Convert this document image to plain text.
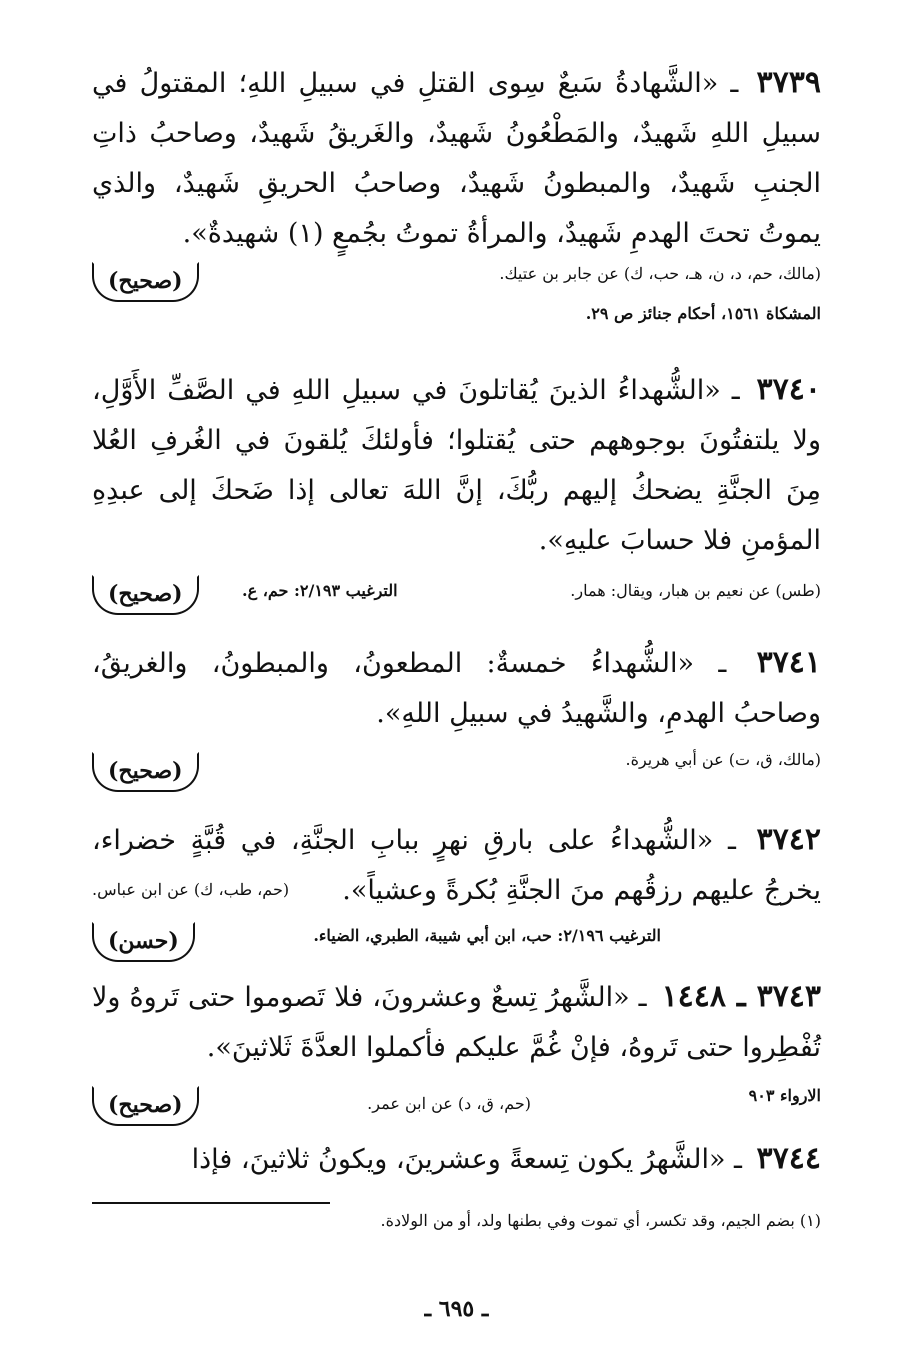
٣٧٣٩ ـ «الشَّهادةُ سَبعٌ سِوى القتلِ في سبيلِ اللهِ؛ المقتولُ في سبيلِ اللهِ شَهيدٌ، والمَطْعُونُ شَهيدٌ، والغَريقُ شَهيدٌ، وصاحبُ ذاتِ الجنبِ شَهيدٌ، والمبطونُ شَهيدٌ، وصاحبُ الحريقِ شَهيدٌ، والذي يموتُ تحتَ الهدمِ شَهيدٌ، والمرأةُ تموتُ بجُمعٍ (١) شهيدةٌ».

( صحيح )	(مالك، حم، د، ن، هـ، حب، ك) عن جابر بن عتيك.
المشكاة ١٥٦١، أحكام جنائز ص ٢٩.

٣٧٤٠ ـ «الشُّهداءُ الذينَ يُقاتلونَ في سبيلِ اللهِ في الصَّفِّ الأَوَّلِ، ولا يلتفتُونَ بوجوههم حتى يُقتلوا؛ فأولئكَ يُلقونَ في الغُرفِ العُلا مِنَ الجنَّةِ يضحكُ إليهم ربُّكَ، إنَّ اللهَ تعالى إذا ضَحكَ إلى عبدِهِ المؤمنِ فلا حسابَ عليهِ».

( صحيح )	(طس) عن نعيم بن هبار، ويقال: همار.
الترغيب ٢/١٩٣: حم، ع.

٣٧٤١ ـ «الشُّهداءُ خمسةٌ: المطعونُ، والمبطونُ، والغريقُ، وصاحبُ الهدمِ، والشَّهيدُ في سبيلِ اللهِ».

( صحيح )	(مالك، ق، ت) عن أبي هريرة.

٣٧٤٢ ـ «الشُّهداءُ على بارقِ نهرٍ ببابِ الجنَّةِ، في قُبَّةٍ خضراء، يخرجُ عليهم رزقُهم منَ الجنَّةِ بُكرةً وعشياً».

( حسن )
(حم، طب، ك) عن ابن عباس.
الترغيب ٢/١٩٦: حب، ابن أبي شيبة، الطبري، الضياء.

٣٧٤٣ ـ ١٤٤٨ ـ «الشَّهرُ تِسعٌ وعشرونَ، فلا تَصوموا حتى تَروهُ ولا تُفْطِروا حتى تَروهُ، فإنْ غُمَّ عليكم فأكملوا العدَّةَ ثَلاثينَ».

( صحيح )	(حم، ق، د) عن ابن عمر.	الارواء ٩٠٣

٣٧٤٤ ـ «الشَّهرُ يكون تِسعةً وعشرينَ، ويكونُ ثلاثينَ، فإذا

(١) بضم الجيم، وقد تكسر، أي تموت وفي بطنها ولد، أو من الولادة.
ـ ٦٩٥ ـ
